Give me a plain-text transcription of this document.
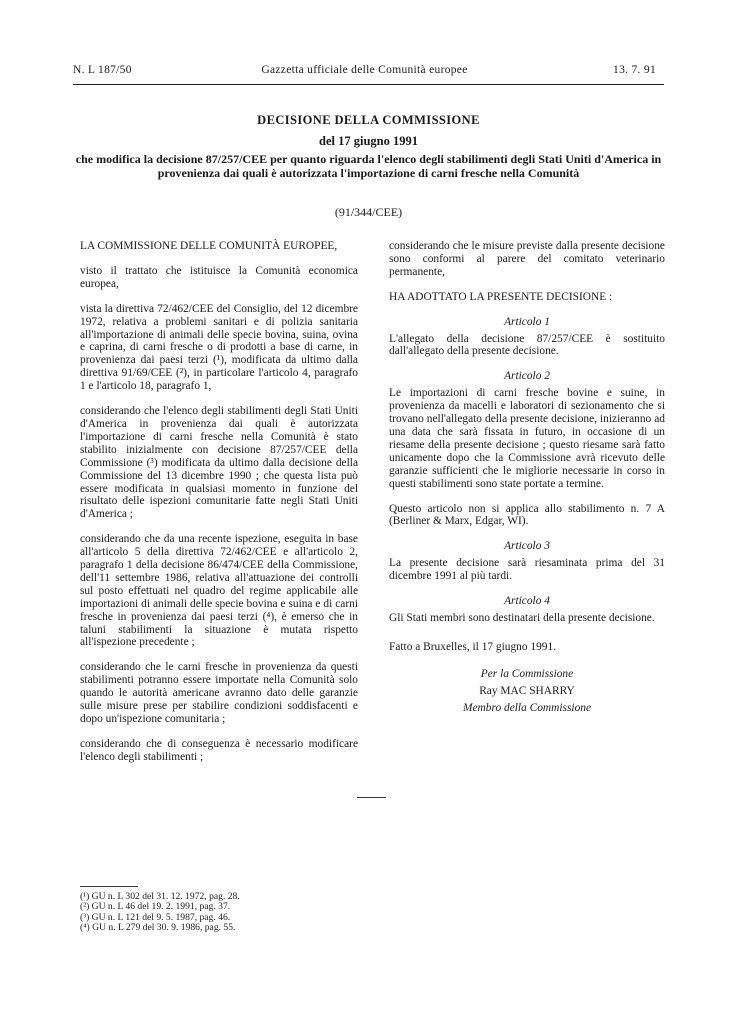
N. L 187/50	Gazzetta ufficiale delle Comunità europee	13. 7. 91
DECISIONE DELLA COMMISSIONE
del 17 giugno 1991
che modifica la decisione 87/257/CEE per quanto riguarda l'elenco degli stabilimenti degli Stati Uniti d'America in provenienza dai quali è autorizzata l'importazione di carni fresche nella Comunità
(91/344/CEE)

LA COMMISSIONE DELLE COMUNITÀ EUROPEE,

visto il trattato che istituisce la Comunità economica europea,

vista la direttiva 72/462/CEE del Consiglio, del 12 dicembre 1972, relativa a problemi sanitari e di polizia sanitaria all'importazione di animali delle specie bovina, suina, ovina e caprina, di carni fresche o di prodotti a base di carne, in provenienza dai paesi terzi (¹), modificata da ultimo dalla direttiva 91/69/CEE (²), in particolare l'articolo 4, paragrafo 1 e l'articolo 18, paragrafo 1,

considerando che l'elenco degli stabilimenti degli Stati Uniti d'America in provenienza dai quali è autorizzata l'importazione di carni fresche nella Comunità è stato stabilito inizialmente con decisione 87/257/CEE della Commissione (³) modificata da ultimo dalla decisione della Commissione del 13 dicembre 1990 ; che questa lista può essere modificata in qualsiasi momento in funzione del risultato delle ispezioni comunitarie fatte negli Stati Uniti d'America ;

considerando che da una recente ispezione, eseguita in base all'articolo 5 della direttiva 72/462/CEE e all'articolo 2, paragrafo 1 della decisione 86/474/CEE della Commissione, dell'11 settembre 1986, relativa all'attuazione dei controlli sul posto effettuati nel quadro del regime applicabile alle importazioni di animali delle specie bovina e suina e di carni fresche in provenienza dai paesi terzi (⁴), è emerso che in taluni stabilimenti la situazione è mutata rispetto all'ispezione precedente ;

considerando che le carni fresche in provenienza da questi stabilimenti potranno essere importate nella Comunità solo quando le autorità americane avranno dato delle garanzie sulle misure prese per stabilire condizioni soddisfacenti e dopo un'ispezione comunitaria ;

considerando che di conseguenza è necessario modificare l'elenco degli stabilimenti ;

considerando che le misure previste dalla presente decisione sono conformi al parere del comitato veterinario permanente,

HA ADOTTATO LA PRESENTE DECISIONE :

Articolo 1

L'allegato della decisione 87/257/CEE è sostituito dall'allegato della presente decisione.

Articolo 2

Le importazioni di carni fresche bovine e suine, in provenienza da macelli e laboratori di sezionamento che si trovano nell'allegato della presente decisione, inizieranno ad una data che sarà fissata in futuro, in occasione di un riesame della presente decisione ; questo riesame sarà fatto unicamente dopo che la Commissione avrà ricevuto delle garanzie sufficienti che le migliorie necessarie in corso in questi stabilimenti sono state portate a termine.

Questo articolo non si applica allo stabilimento n. 7 A (Berliner & Marx, Edgar, WI).

Articolo 3

La presente decisione sarà riesaminata prima del 31 dicembre 1991 al più tardi.

Articolo 4

Gli Stati membri sono destinatari della presente decisione.

Fatto a Bruxelles, il 17 giugno 1991.

Per la Commissione
Ray MAC SHARRY
Membro della Commissione
(¹) GU n. L 302 del 31. 12. 1972, pag. 28.
(²) GU n. L 46 del 19. 2. 1991, pag. 37.
(³) GU n. L 121 del 9. 5. 1987, pag. 46.
(⁴) GU n. L 279 del 30. 9. 1986, pag. 55.
